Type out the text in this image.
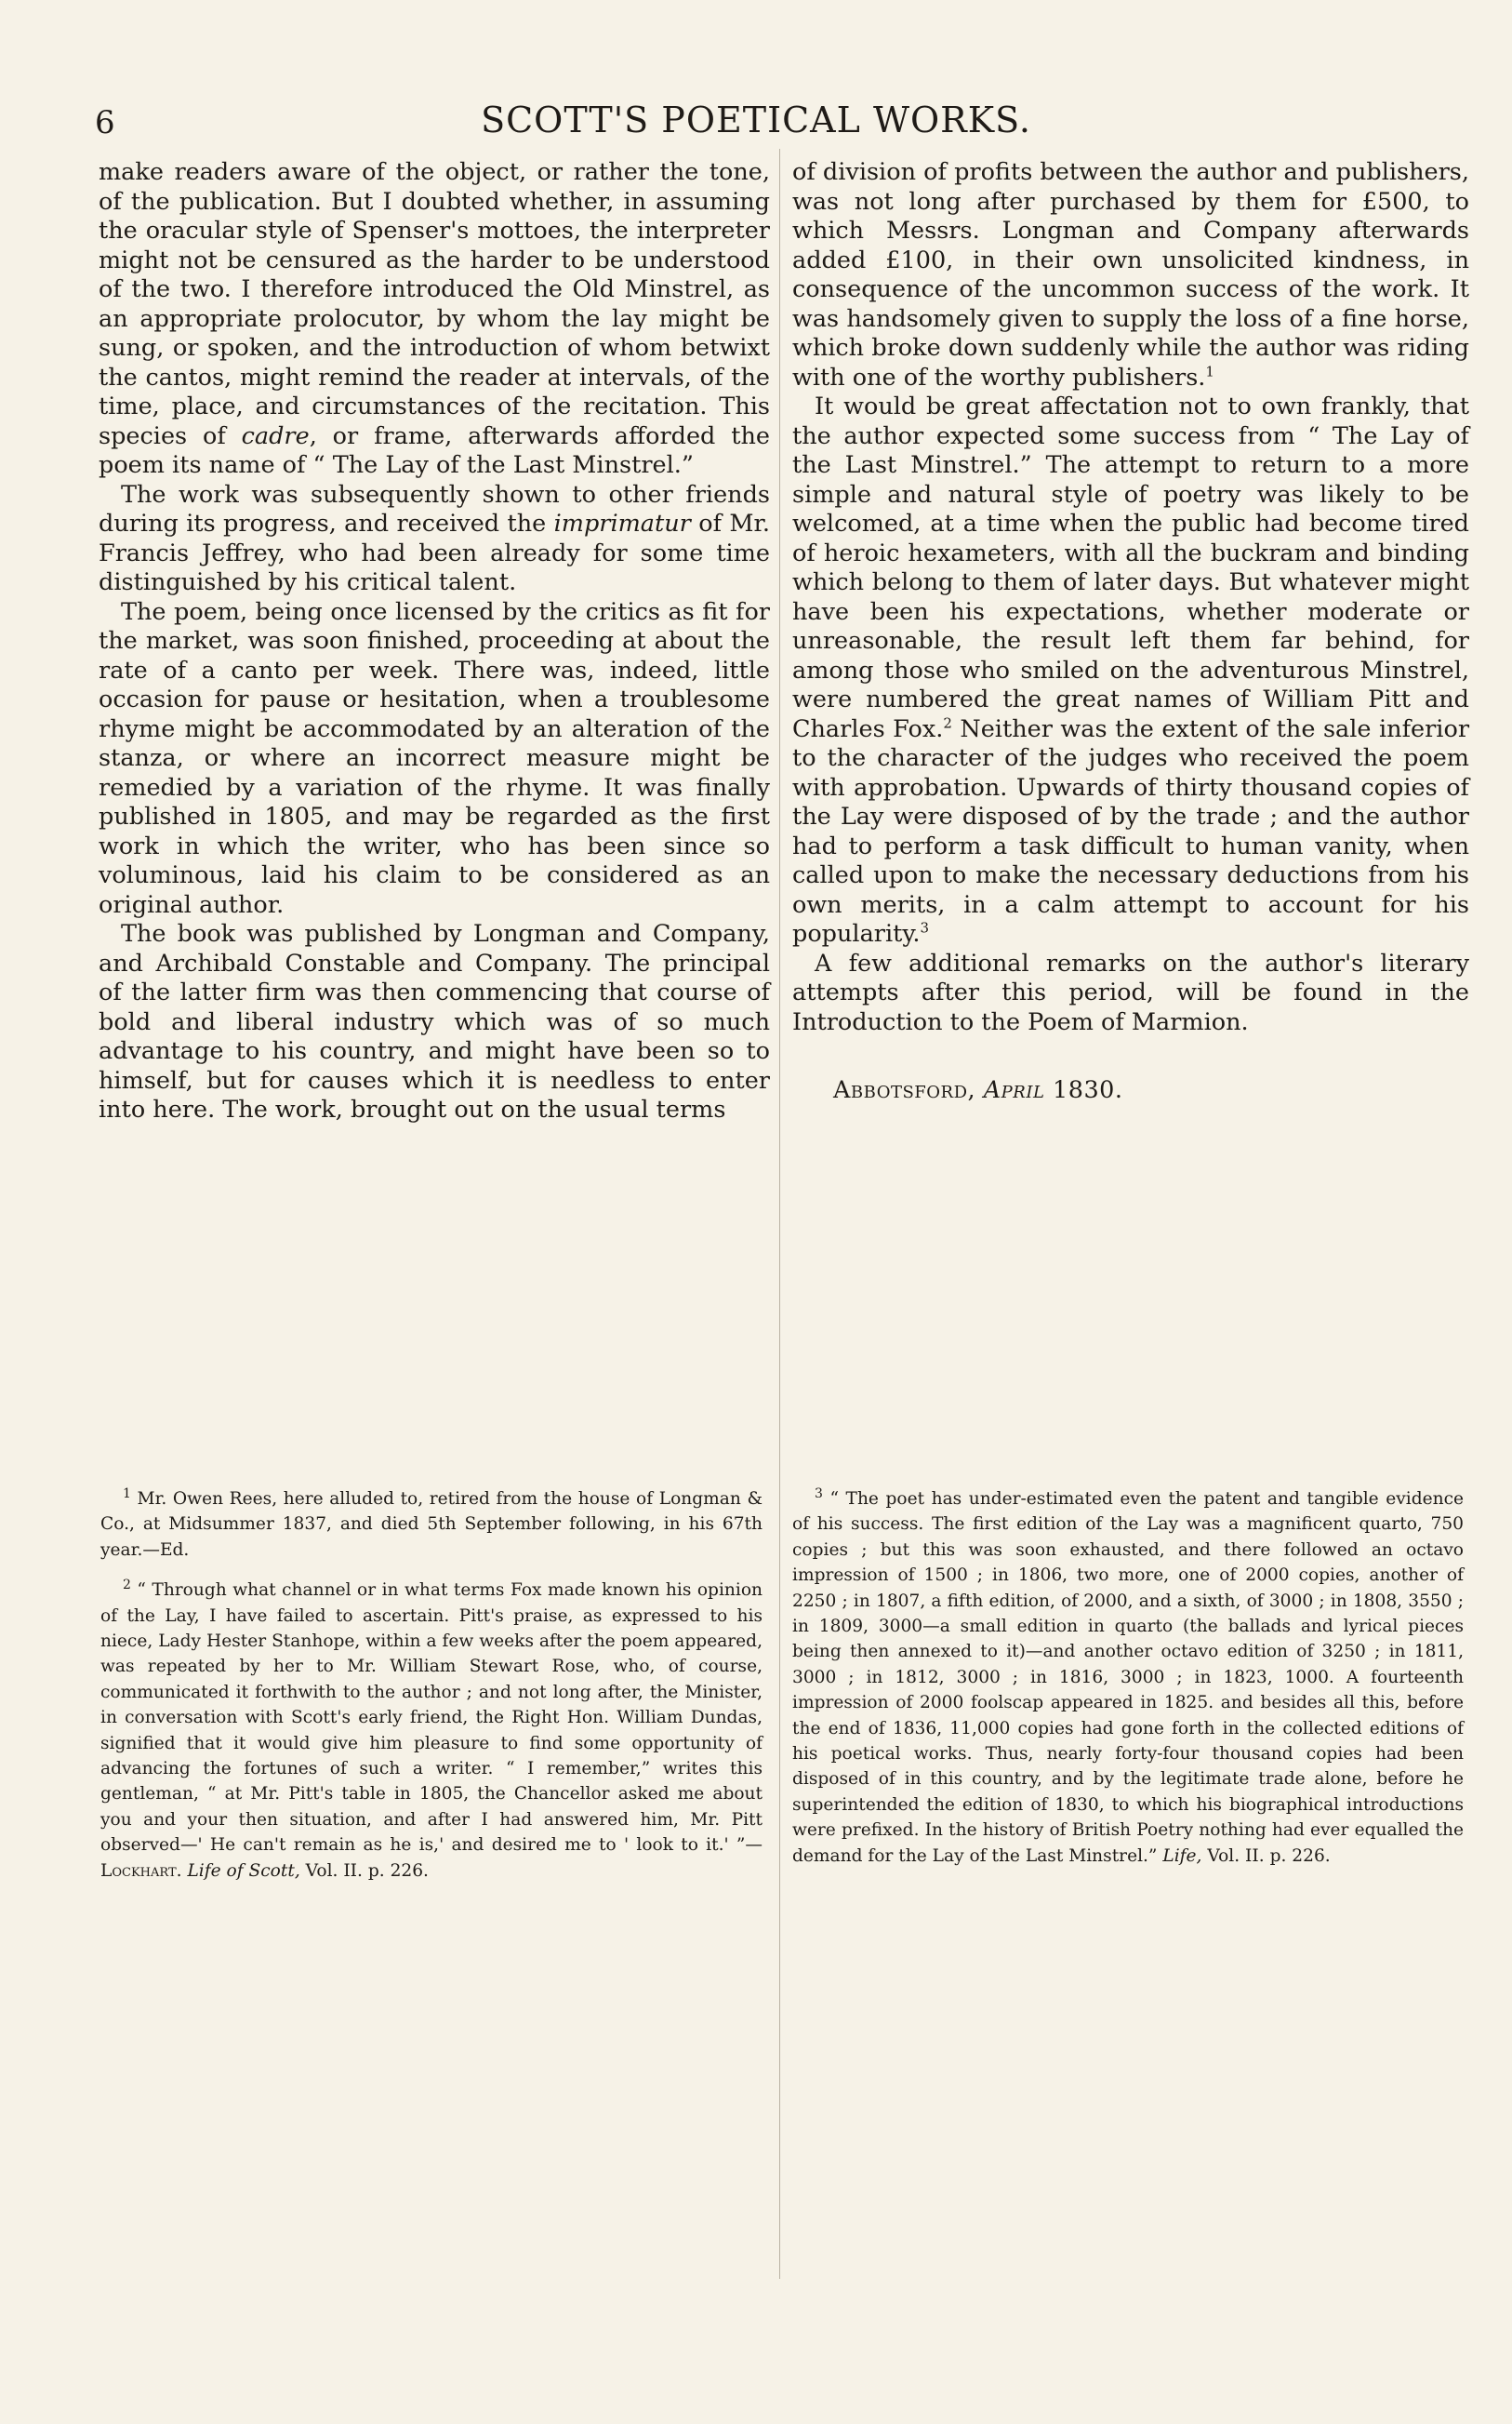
6	SCOTT'S POETICAL WORKS.

make readers aware of the object, or rather the tone, of the publication. But I doubted whether, in assuming the oracular style of Spenser's mottoes, the interpreter might not be censured as the harder to be understood of the two. I therefore introduced the Old Minstrel, as an appropriate prolocutor, by whom the lay might be sung, or spoken, and the introduction of whom betwixt the cantos, might remind the reader at intervals, of the time, place, and circumstances of the recitation. This species of cadre, or frame, afterwards afforded the poem its name of “ The Lay of the Last Minstrel.”

The work was subsequently shown to other friends during its progress, and received the imprimatur of Mr. Francis Jeffrey, who had been already for some time distinguished by his critical talent.

The poem, being once licensed by the critics as fit for the market, was soon finished, proceeding at about the rate of a canto per week. There was, indeed, little occasion for pause or hesitation, when a troublesome rhyme might be accommodated by an alteration of the stanza, or where an incorrect measure might be remedied by a variation of the rhyme. It was finally published in 1805, and may be regarded as the first work in which the writer, who has been since so voluminous, laid his claim to be considered as an original author.

The book was published by Longman and Company, and Archibald Constable and Company. The principal of the latter firm was then commencing that course of bold and liberal industry which was of so much advantage to his country, and might have been so to himself, but for causes which it is needless to enter into here. The work, brought out on the usual terms

of division of profits between the author and publishers, was not long after purchased by them for £500, to which Messrs. Longman and Company afterwards added £100, in their own unsolicited kindness, in consequence of the uncommon success of the work. It was handsomely given to supply the loss of a fine horse, which broke down suddenly while the author was riding with one of the worthy publishers.$^1$

It would be great affectation not to own frankly, that the author expected some success from “ The Lay of the Last Minstrel.” The attempt to return to a more simple and natural style of poetry was likely to be welcomed, at a time when the public had become tired of heroic hexameters, with all the buckram and binding which belong to them of later days. But whatever might have been his expectations, whether moderate or unreasonable, the result left them far behind, for among those who smiled on the adventurous Minstrel, were numbered the great names of William Pitt and Charles Fox.$^2$ Neither was the extent of the sale inferior to the character of the judges who received the poem with approbation. Upwards of thirty thousand copies of the Lay were disposed of by the trade ; and the author had to perform a task difficult to human vanity, when called upon to make the necessary deductions from his own merits, in a calm attempt to account for his popularity.$^3$

A few additional remarks on the author's literary attempts after this period, will be found in the Introduction to the Poem of Marmion.

Abbotsford, April 1830.

$^1$ Mr. Owen Rees, here alluded to, retired from the house of Longman & Co., at Midsummer 1837, and died 5th September following, in his 67th year.—Ed.

$^2$ “ Through what channel or in what terms Fox made known his opinion of the Lay, I have failed to ascertain. Pitt's praise, as expressed to his niece, Lady Hester Stanhope, within a few weeks after the poem appeared, was repeated by her to Mr. William Stewart Rose, who, of course, communicated it forthwith to the author ; and not long after, the Minister, in conversation with Scott's early friend, the Right Hon. William Dundas, signified that it would give him pleasure to find some opportunity of advancing the fortunes of such a writer. “ I remember,” writes this gentleman, “ at Mr. Pitt's table in 1805, the Chancellor asked me about you and your then situation, and after I had answered him, Mr. Pitt observed—' He can't remain as he is,' and desired me to ' look to it.' ”— Lockhart. Life of Scott, Vol. II. p. 226.

$^3$ “ The poet has under-estimated even the patent and tangible evidence of his success. The first edition of the Lay was a magnificent quarto, 750 copies ; but this was soon exhausted, and there followed an octavo impression of 1500 ; in 1806, two more, one of 2000 copies, another of 2250 ; in 1807, a fifth edition, of 2000, and a sixth, of 3000 ; in 1808, 3550 ; in 1809, 3000—a small edition in quarto (the ballads and lyrical pieces being then annexed to it)—and another octavo edition of 3250 ; in 1811, 3000 ; in 1812, 3000 ; in 1816, 3000 ; in 1823, 1000. A fourteenth impression of 2000 foolscap appeared in 1825. and besides all this, before the end of 1836, 11,000 copies had gone forth in the collected editions of his poetical works. Thus, nearly forty-four thousand copies had been disposed of in this country, and by the legitimate trade alone, before he superintended the edition of 1830, to which his biographical introductions were prefixed. In the history of British Poetry nothing had ever equalled the demand for the Lay of the Last Minstrel.” Life, Vol. II. p. 226.
